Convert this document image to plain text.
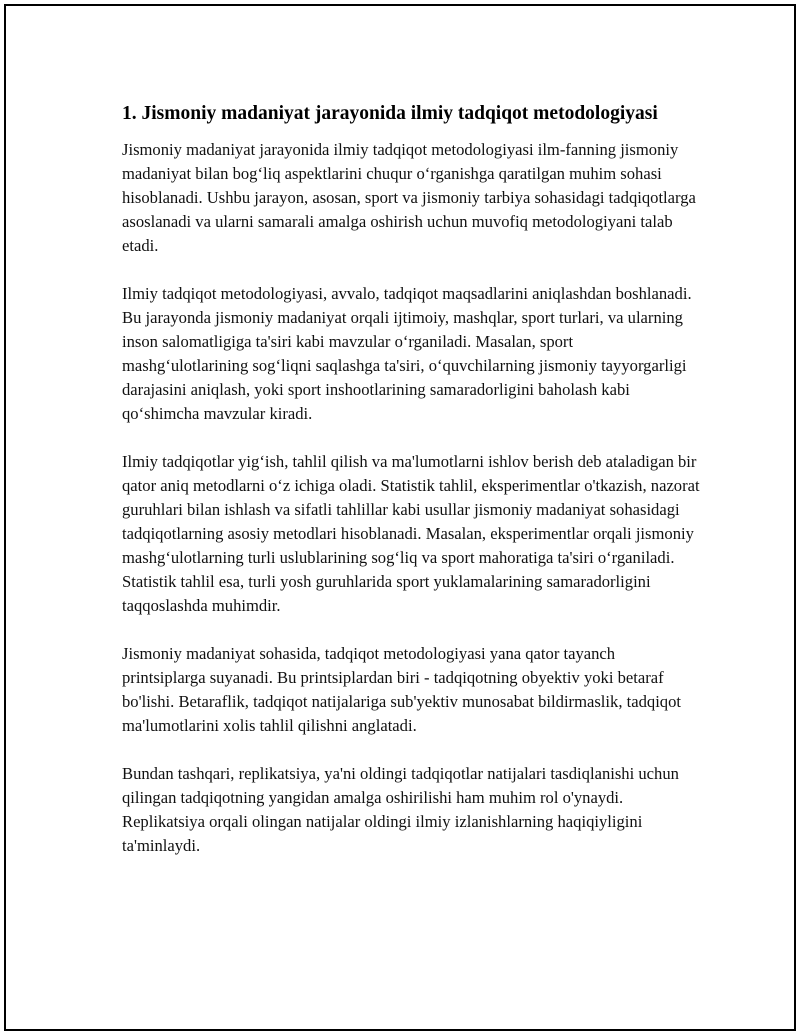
1. Jismoniy madaniyat jarayonida ilmiy tadqiqot metodologiyasi

Jismoniy madaniyat jarayonida ilmiy tadqiqot metodologiyasi ilm-fanning jismoniy madaniyat bilan bog‘liq aspektlarini chuqur o‘rganishga qaratilgan muhim sohasi hisoblanadi. Ushbu jarayon, asosan, sport va jismoniy tarbiya sohasidagi tadqiqotlarga asoslanadi va ularni samarali amalga oshirish uchun muvofiq metodologiyani talab etadi.

Ilmiy tadqiqot metodologiyasi, avvalo, tadqiqot maqsadlarini aniqlashdan boshlanadi. Bu jarayonda jismoniy madaniyat orqali ijtimoiy, mashqlar, sport turlari, va ularning inson salomatligiga ta'siri kabi mavzular o‘rganiladi. Masalan, sport mashg‘ulotlarining sog‘liqni saqlashga ta'siri, o‘quvchilarning jismoniy tayyorgarligi darajasini aniqlash, yoki sport inshootlarining samaradorligini baholash kabi qo‘shimcha mavzular kiradi.

Ilmiy tadqiqotlar yig‘ish, tahlil qilish va ma'lumotlarni ishlov berish deb ataladigan bir qator aniq metodlarni o‘z ichiga oladi. Statistik tahlil, eksperimentlar o'tkazish, nazorat guruhlari bilan ishlash va sifatli tahlillar kabi usullar jismoniy madaniyat sohasidagi tadqiqotlarning asosiy metodlari hisoblanadi. Masalan, eksperimentlar orqali jismoniy mashg‘ulotlarning turli uslublarining sog‘liq va sport mahoratiga ta'siri o‘rganiladi. Statistik tahlil esa, turli yosh guruhlarida sport yuklamalarining samaradorligini taqqoslashda muhimdir.

Jismoniy madaniyat sohasida, tadqiqot metodologiyasi yana qator tayanch printsiplarga suyanadi. Bu printsiplardan biri - tadqiqotning obyektiv yoki betaraf bo'lishi. Betaraflik, tadqiqot natijalariga sub'yektiv munosabat bildirmaslik, tadqiqot ma'lumotlarini xolis tahlil qilishni anglatadi.

Bundan tashqari, replikatsiya, ya'ni oldingi tadqiqotlar natijalari tasdiqlanishi uchun qilingan tadqiqotning yangidan amalga oshirilishi ham muhim rol o'ynaydi. Replikatsiya orqali olingan natijalar oldingi ilmiy izlanishlarning haqiqiyligini ta'minlaydi.
